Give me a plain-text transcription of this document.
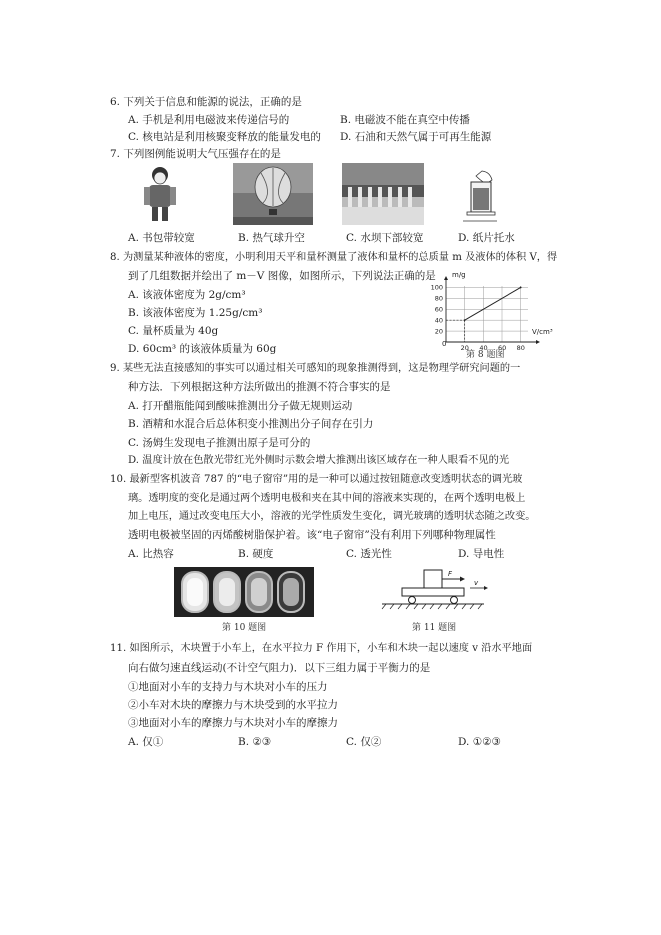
6. 下列关于信息和能源的说法，正确的是
A. 手机是利用电磁波来传递信号的	B. 电磁波不能在真空中传播
C. 核电站是利用核聚变释放的能量发电的 D. 石油和天然气属于可再生能源
7. 下列图例能说明大气压强存在的是
A. 书包带较宽	B. 热气球升空	C. 水坝下部较宽	D. 纸片托水
8. 为测量某种液体的密度，小明利用天平和量杯测量了液体和量杯的总质量 m 及液体的体积 V，得
到了几组数据并绘出了 m－V 图像，如图所示，下列说法正确的是
A. 该液体密度为 2g/cm³
B. 该液体密度为 1.25g/cm³
C. 量杯质量为 40g
D. 60cm³ 的该液体质量为 60g	20 40 60 80
20
40
60
80
100
m/g
V/cm³
0
第 8 题图
9. 某些无法直接感知的事实可以通过相关可感知的现象推测得到，这是物理学研究问题的一
种方法．下列根据这种方法所做出的推测不符合事实的是
A. 打开醋瓶能闻到酸味推测出分子做无规则运动
B. 酒精和水混合后总体积变小推测出分子间存在引力
C. 汤姆生发现电子推测出原子是可分的
D. 温度计放在色散光带红光外侧时示数会增大推测出该区域存在一种人眼看不见的光
10. 最新型客机波音 787 的“电子窗帘”用的是一种可以通过按钮随意改变透明状态的调光玻
璃。透明度的变化是通过两个透明电极和夹在其中间的溶液来实现的，在两个透明电极上
加上电压，通过改变电压大小，溶液的光学性质发生变化，调光玻璃的透明状态随之改变。
透明电极被坚固的丙烯酸树脂保护着。该“电子窗帘”没有利用下列哪种物理属性
A. 比热容	B. 硬度	C. 透光性	D. 导电性
第 10 题图
F
v
第 11 题图
11. 如图所示，木块置于小车上，在水平拉力 F 作用下，小车和木块一起以速度 v 沿水平地面
向右做匀速直线运动(不计空气阻力)．以下三组力属于平衡力的是
①地面对小车的支持力与木块对小车的压力
②小车对木块的摩擦力与木块受到的水平拉力
③地面对小车的摩擦力与木块对小车的摩擦力
A. 仅①	B. ②③	C. 仅②	D. ①②③
